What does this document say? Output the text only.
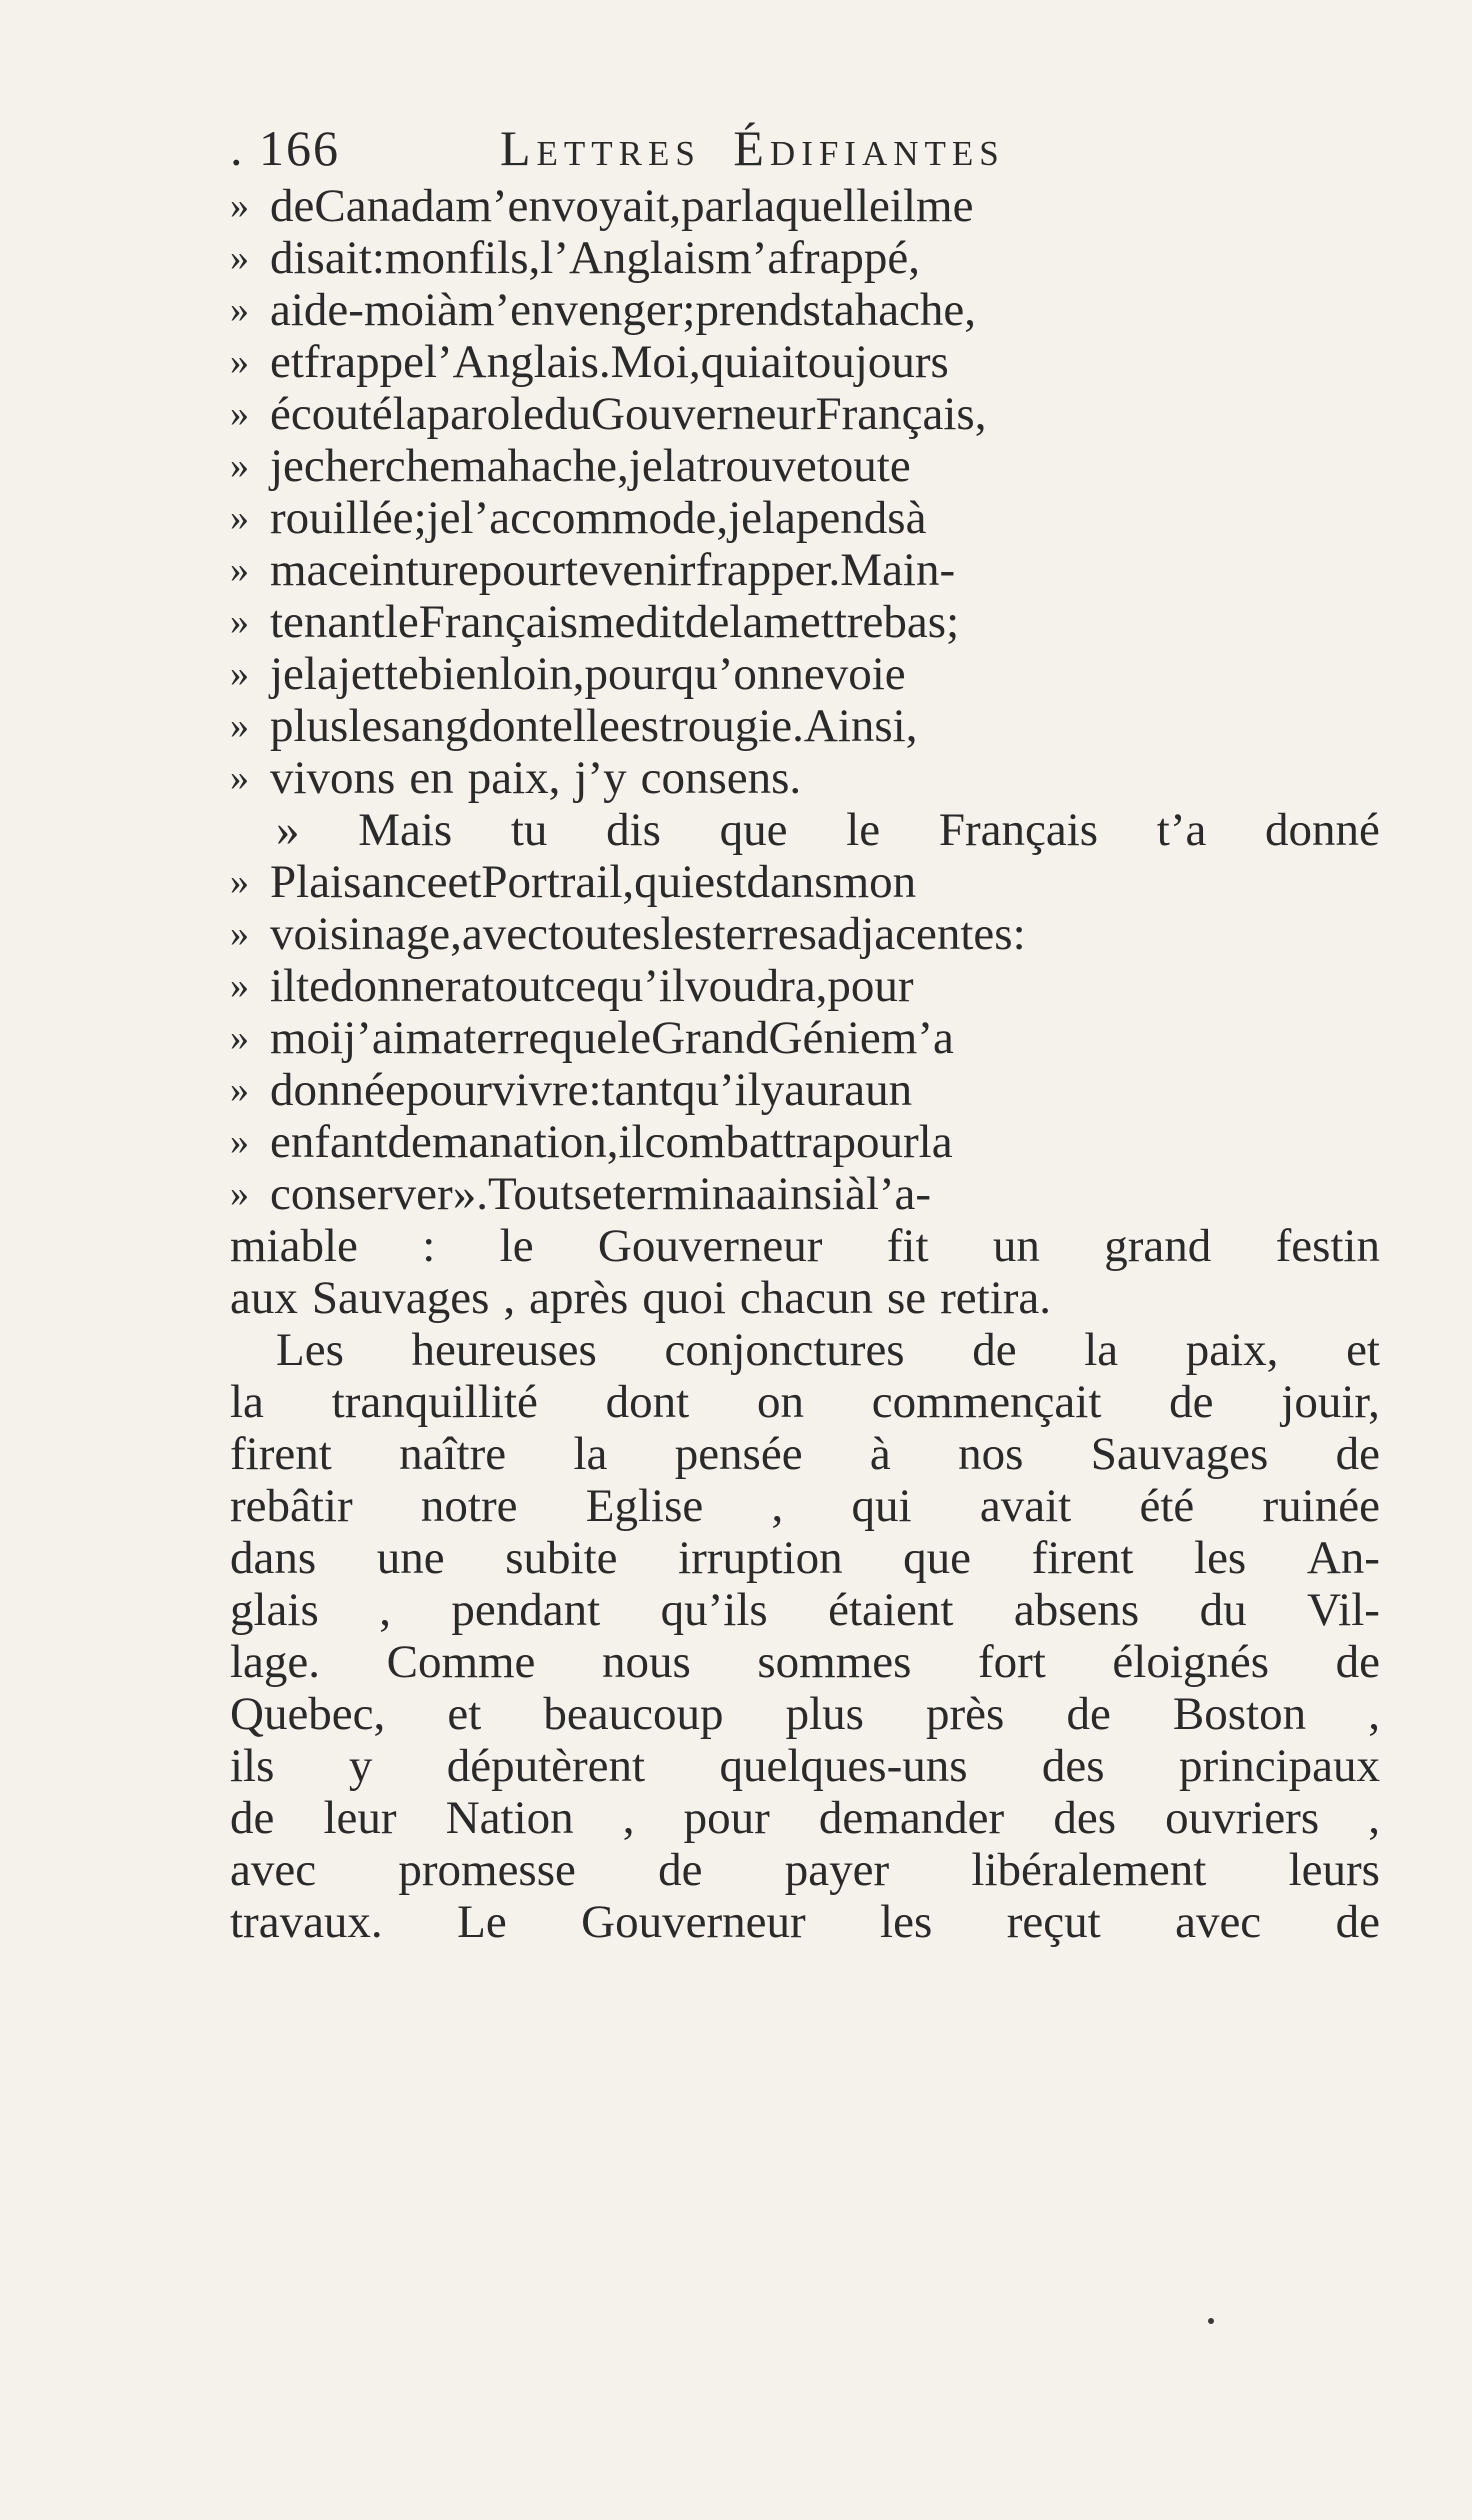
. 166	Lettres Édifiantes
» deCanadam’envoyait,parlaquelleilme
» disait:monfils,l’Anglaism’afrappé,
» aide-moiàm’envenger;prendstahache,
» etfrappel’Anglais.Moi,quiaitoujours
» écoutélaparoleduGouverneurFrançais,
» jecherchemahache,jelatrouvetoute
» rouillée;jel’accommode,jelapendsà
» maceinturepourtevenirfrapper.Main-
» tenantleFrançaismeditdelamettrebas;
» jelajettebienloin,pourqu’onnevoie
» pluslesangdontelleestrougie.Ainsi,
» vivons en paix, j’y consens.
» Mais tu dis que le Français t’a donné
» PlaisanceetPortrail,quiestdansmon
» voisinage,avectouteslesterresadjacentes:
» iltedonneratoutcequ’ilvoudra,pour
» moij’aimaterrequeleGrandGéniem’a
» donnéepourvivre:tantqu’ilyauraun
» enfantdemanation,ilcombattrapourla
» conserver».Toutseterminaainsiàl’a-
miable : le Gouverneur fit un grand festin
aux Sauvages , après quoi chacun se retira.
Les heureuses conjonctures de la paix, et
la tranquillité dont on commençait de jouir,
firent naître la pensée à nos Sauvages de
rebâtir notre Eglise , qui avait été ruinée
dans une subite irruption que firent les An-
glais , pendant qu’ils étaient absens du Vil-
lage. Comme nous sommes fort éloignés de
Quebec, et beaucoup plus près de Boston ,
ils y députèrent quelques-uns des principaux
de leur Nation , pour demander des ouvriers ,
avec promesse de payer libéralement leurs
travaux. Le Gouverneur les reçut avec de
